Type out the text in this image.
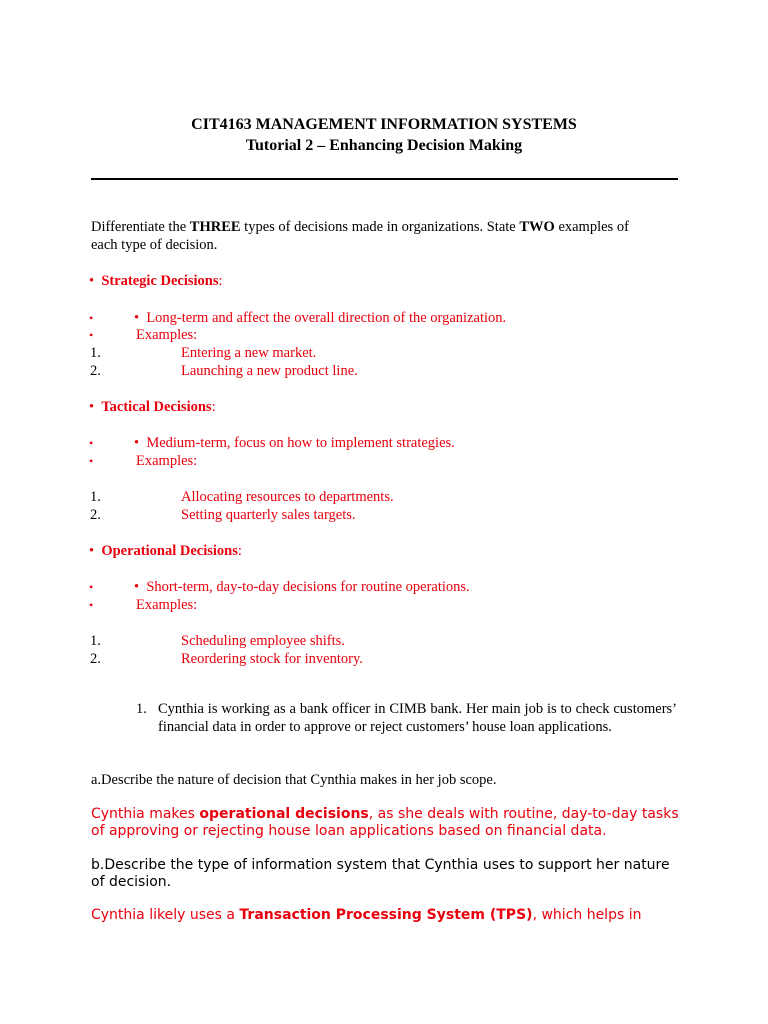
CIT4163 MANAGEMENT INFORMATION SYSTEMS
Tutorial 2 – Enhancing Decision Making
Differentiate the THREE types of decisions made in organizations. State TWO examples of
each type of decision.
• Strategic Decisions:
•	• Long-term and affect the overall direction of the organization.
•	Examples:
1.	Entering a new market.
2.	Launching a new product line.
• Tactical Decisions:
•	• Medium-term, focus on how to implement strategies.
•	Examples:
1.	Allocating resources to departments.
2.	Setting quarterly sales targets.
• Operational Decisions:
•	• Short-term, day-to-day decisions for routine operations.
•	Examples:
1.	Scheduling employee shifts.
2.	Reordering stock for inventory.
1. Cynthia is working as a bank officer in CIMB bank. Her main job is to check customers’ financial data in order to approve or reject customers’ house loan applications.
a.Describe the nature of decision that Cynthia makes in her job scope.
Cynthia makes operational decisions, as she deals with routine, day-to-day tasks
of approving or rejecting house loan applications based on financial data.
b.Describe the type of information system that Cynthia uses to support her nature
of decision.
Cynthia likely uses a Transaction Processing System (TPS), which helps in
